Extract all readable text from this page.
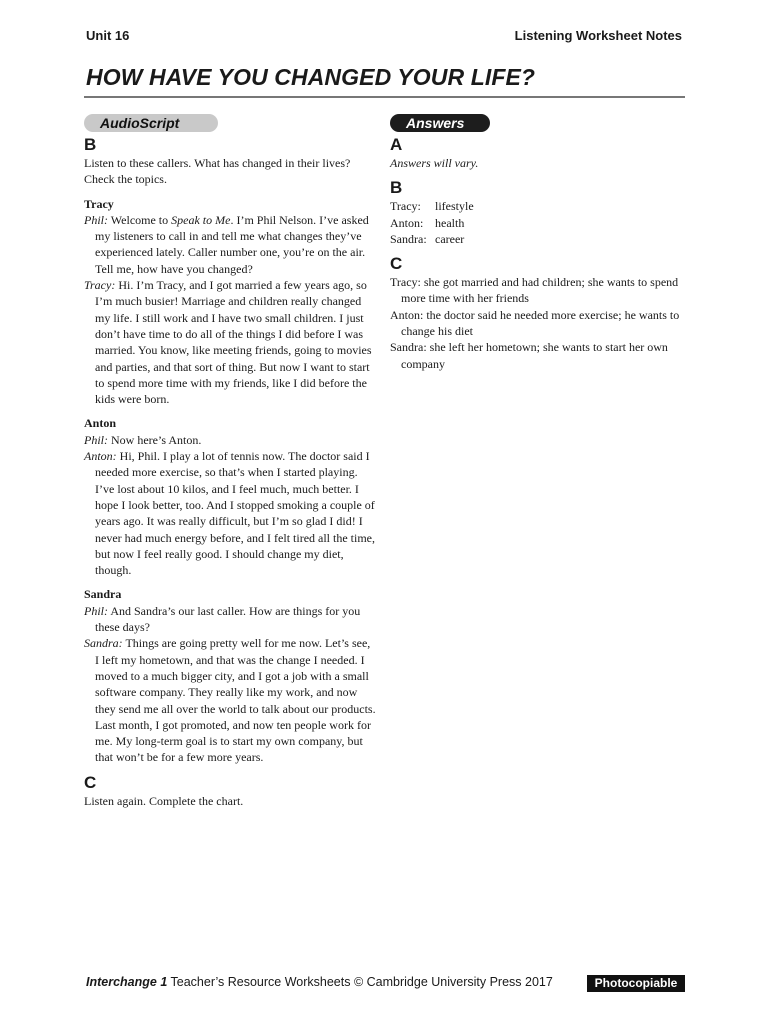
Unit 16	Listening Worksheet Notes
HOW HAVE YOU CHANGED YOUR LIFE?
AudioScript
B
Listen to these callers. What has changed in their lives? Check the topics.
Tracy
Phil: Welcome to Speak to Me. I’m Phil Nelson. I’ve asked my listeners to call in and tell me what changes they’ve experienced lately. Caller number one, you’re on the air. Tell me, how have you changed?
Tracy: Hi. I’m Tracy, and I got married a few years ago, so I’m much busier! Marriage and children really changed my life. I still work and I have two small children. I just don’t have time to do all of the things I did before I was married. You know, like meeting friends, going to movies and parties, and that sort of thing. But now I want to start to spend more time with my friends, like I did before the kids were born.
Anton
Phil: Now here’s Anton.
Anton: Hi, Phil. I play a lot of tennis now. The doctor said I needed more exercise, so that’s when I started playing. I’ve lost about 10 kilos, and I feel much, much better. I hope I look better, too. And I stopped smoking a couple of years ago. It was really difficult, but I’m so glad I did! I never had much energy before, and I felt tired all the time, but now I feel really good. I should change my diet, though.
Sandra
Phil: And Sandra’s our last caller. How are things for you these days?
Sandra: Things are going pretty well for me now. Let’s see, I left my hometown, and that was the change I needed. I moved to a much bigger city, and I got a job with a small software company. They really like my work, and now they send me all over the world to talk about our products. Last month, I got promoted, and now ten people work for me. My long-term goal is to start my own company, but that won’t be for a few more years.
C
Listen again. Complete the chart.
Answers
A
Answers will vary.
B
Tracy:	lifestyle
Anton: health
Sandra: career
C
Tracy: she got married and had children; she wants to spend more time with her friends
Anton: the doctor said he needed more exercise; he wants to change his diet
Sandra: she left her hometown; she wants to start her own company
Interchange 1 Teacher’s Resource Worksheets © Cambridge University Press 2017	Photocopiable
